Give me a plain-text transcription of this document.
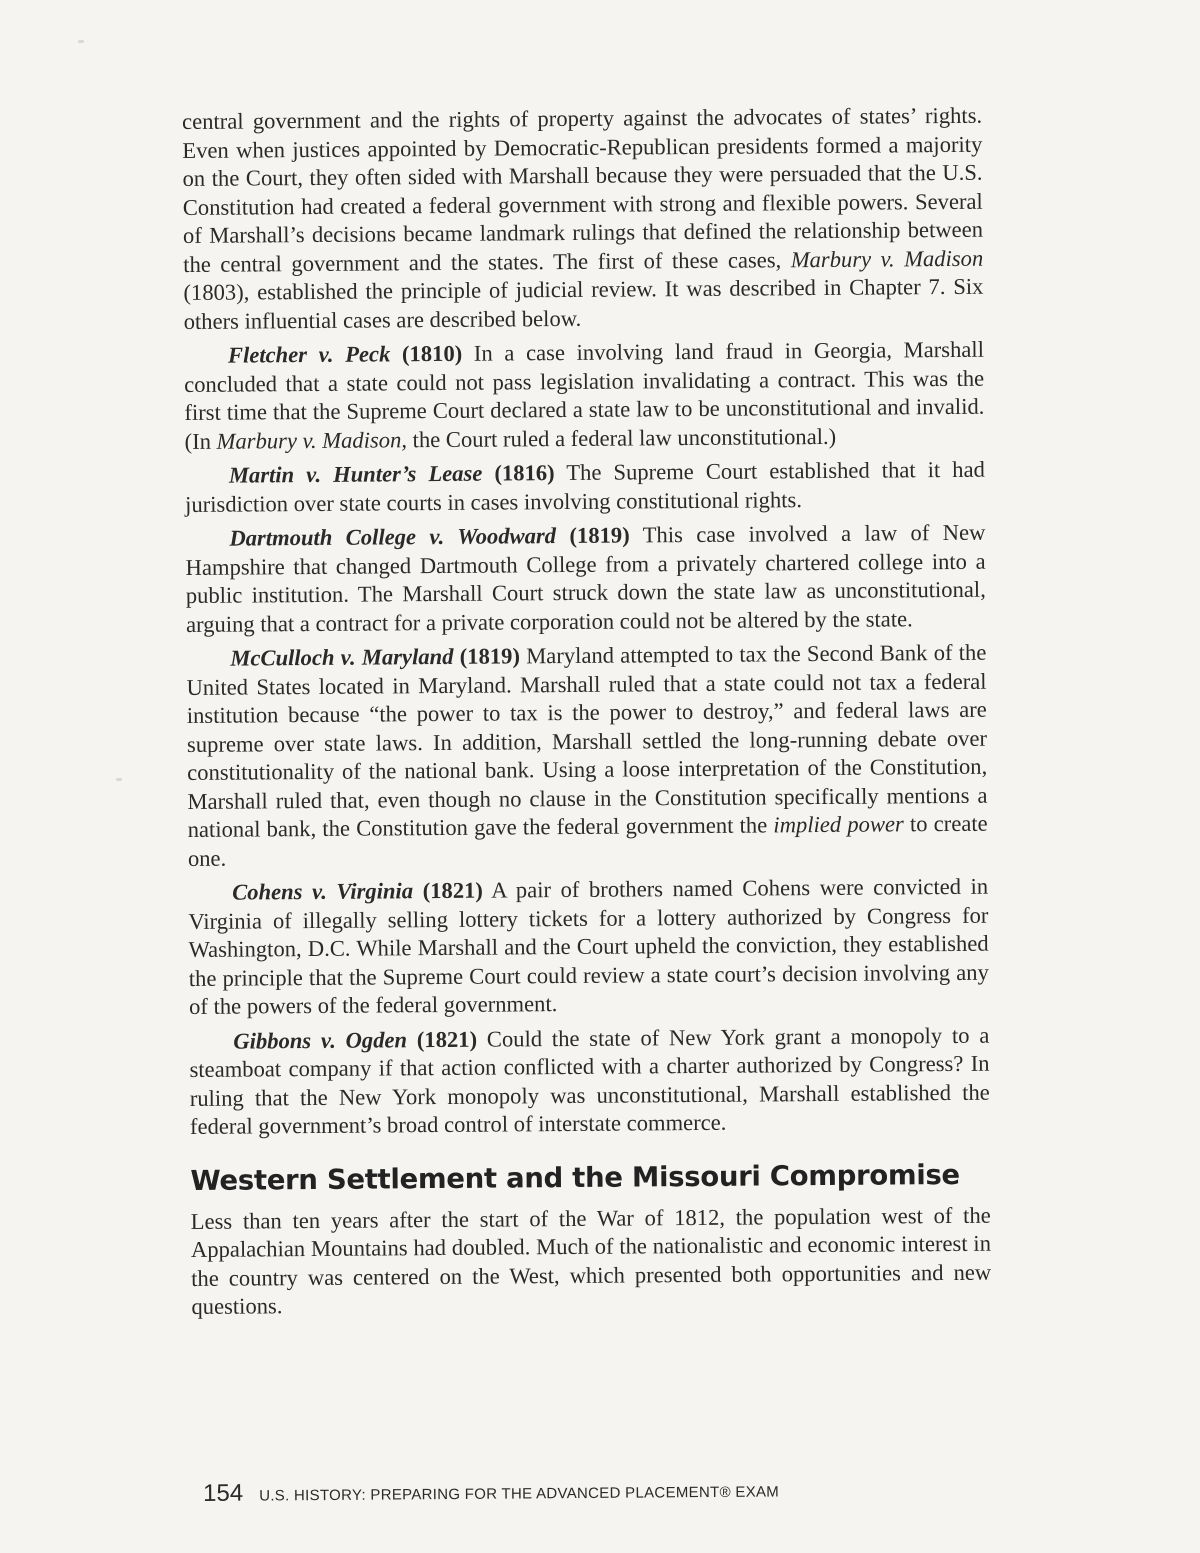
central government and the rights of property against the advocates of states’ rights. Even when justices appointed by Democratic-Republican presidents formed a majority on the Court, they often sided with Marshall because they were persuaded that the U.S. Constitution had created a federal government with strong and flexible powers. Several of Marshall’s decisions became landmark rulings that defined the relationship between the central government and the states. The first of these cases, Marbury v. Madison (1803), established the principle of judicial review. It was described in Chapter 7. Six others influential cases are described below.

Fletcher v. Peck (1810) In a case involving land fraud in Georgia, Marshall concluded that a state could not pass legislation invalidating a contract. This was the first time that the Supreme Court declared a state law to be unconstitutional and invalid. (In Marbury v. Madison, the Court ruled a federal law unconstitutional.)

Martin v. Hunter’s Lease (1816) The Supreme Court established that it had jurisdiction over state courts in cases involving constitutional rights.

Dartmouth College v. Woodward (1819) This case involved a law of New Hampshire that changed Dartmouth College from a privately chartered college into a public institution. The Marshall Court struck down the state law as unconstitutional, arguing that a contract for a private corporation could not be altered by the state.

McCulloch v. Maryland (1819) Maryland attempted to tax the Second Bank of the United States located in Maryland. Marshall ruled that a state could not tax a federal institution because “the power to tax is the power to destroy,” and federal laws are supreme over state laws. In addition, Marshall settled the long-running debate over constitutionality of the national bank. Using a loose interpretation of the Constitution, Marshall ruled that, even though no clause in the Constitution specifically mentions a national bank, the Constitution gave the federal government the implied power to create one.

Cohens v. Virginia (1821) A pair of brothers named Cohens were convicted in Virginia of illegally selling lottery tickets for a lottery authorized by Congress for Washington, D.C. While Marshall and the Court upheld the conviction, they established the principle that the Supreme Court could review a state court’s decision involving any of the powers of the federal government.

Gibbons v. Ogden (1821) Could the state of New York grant a monopoly to a steamboat company if that action conflicted with a charter authorized by Congress? In ruling that the New York monopoly was unconstitutional, Marshall established the federal government’s broad control of interstate commerce.

Western Settlement and the Missouri Compromise

Less than ten years after the start of the War of 1812, the population west of the Appalachian Mountains had doubled. Much of the nationalistic and economic interest in the country was centered on the West, which presented both opportunities and new questions.

154 U.S. HISTORY: PREPARING FOR THE ADVANCED PLACEMENT® EXAM
